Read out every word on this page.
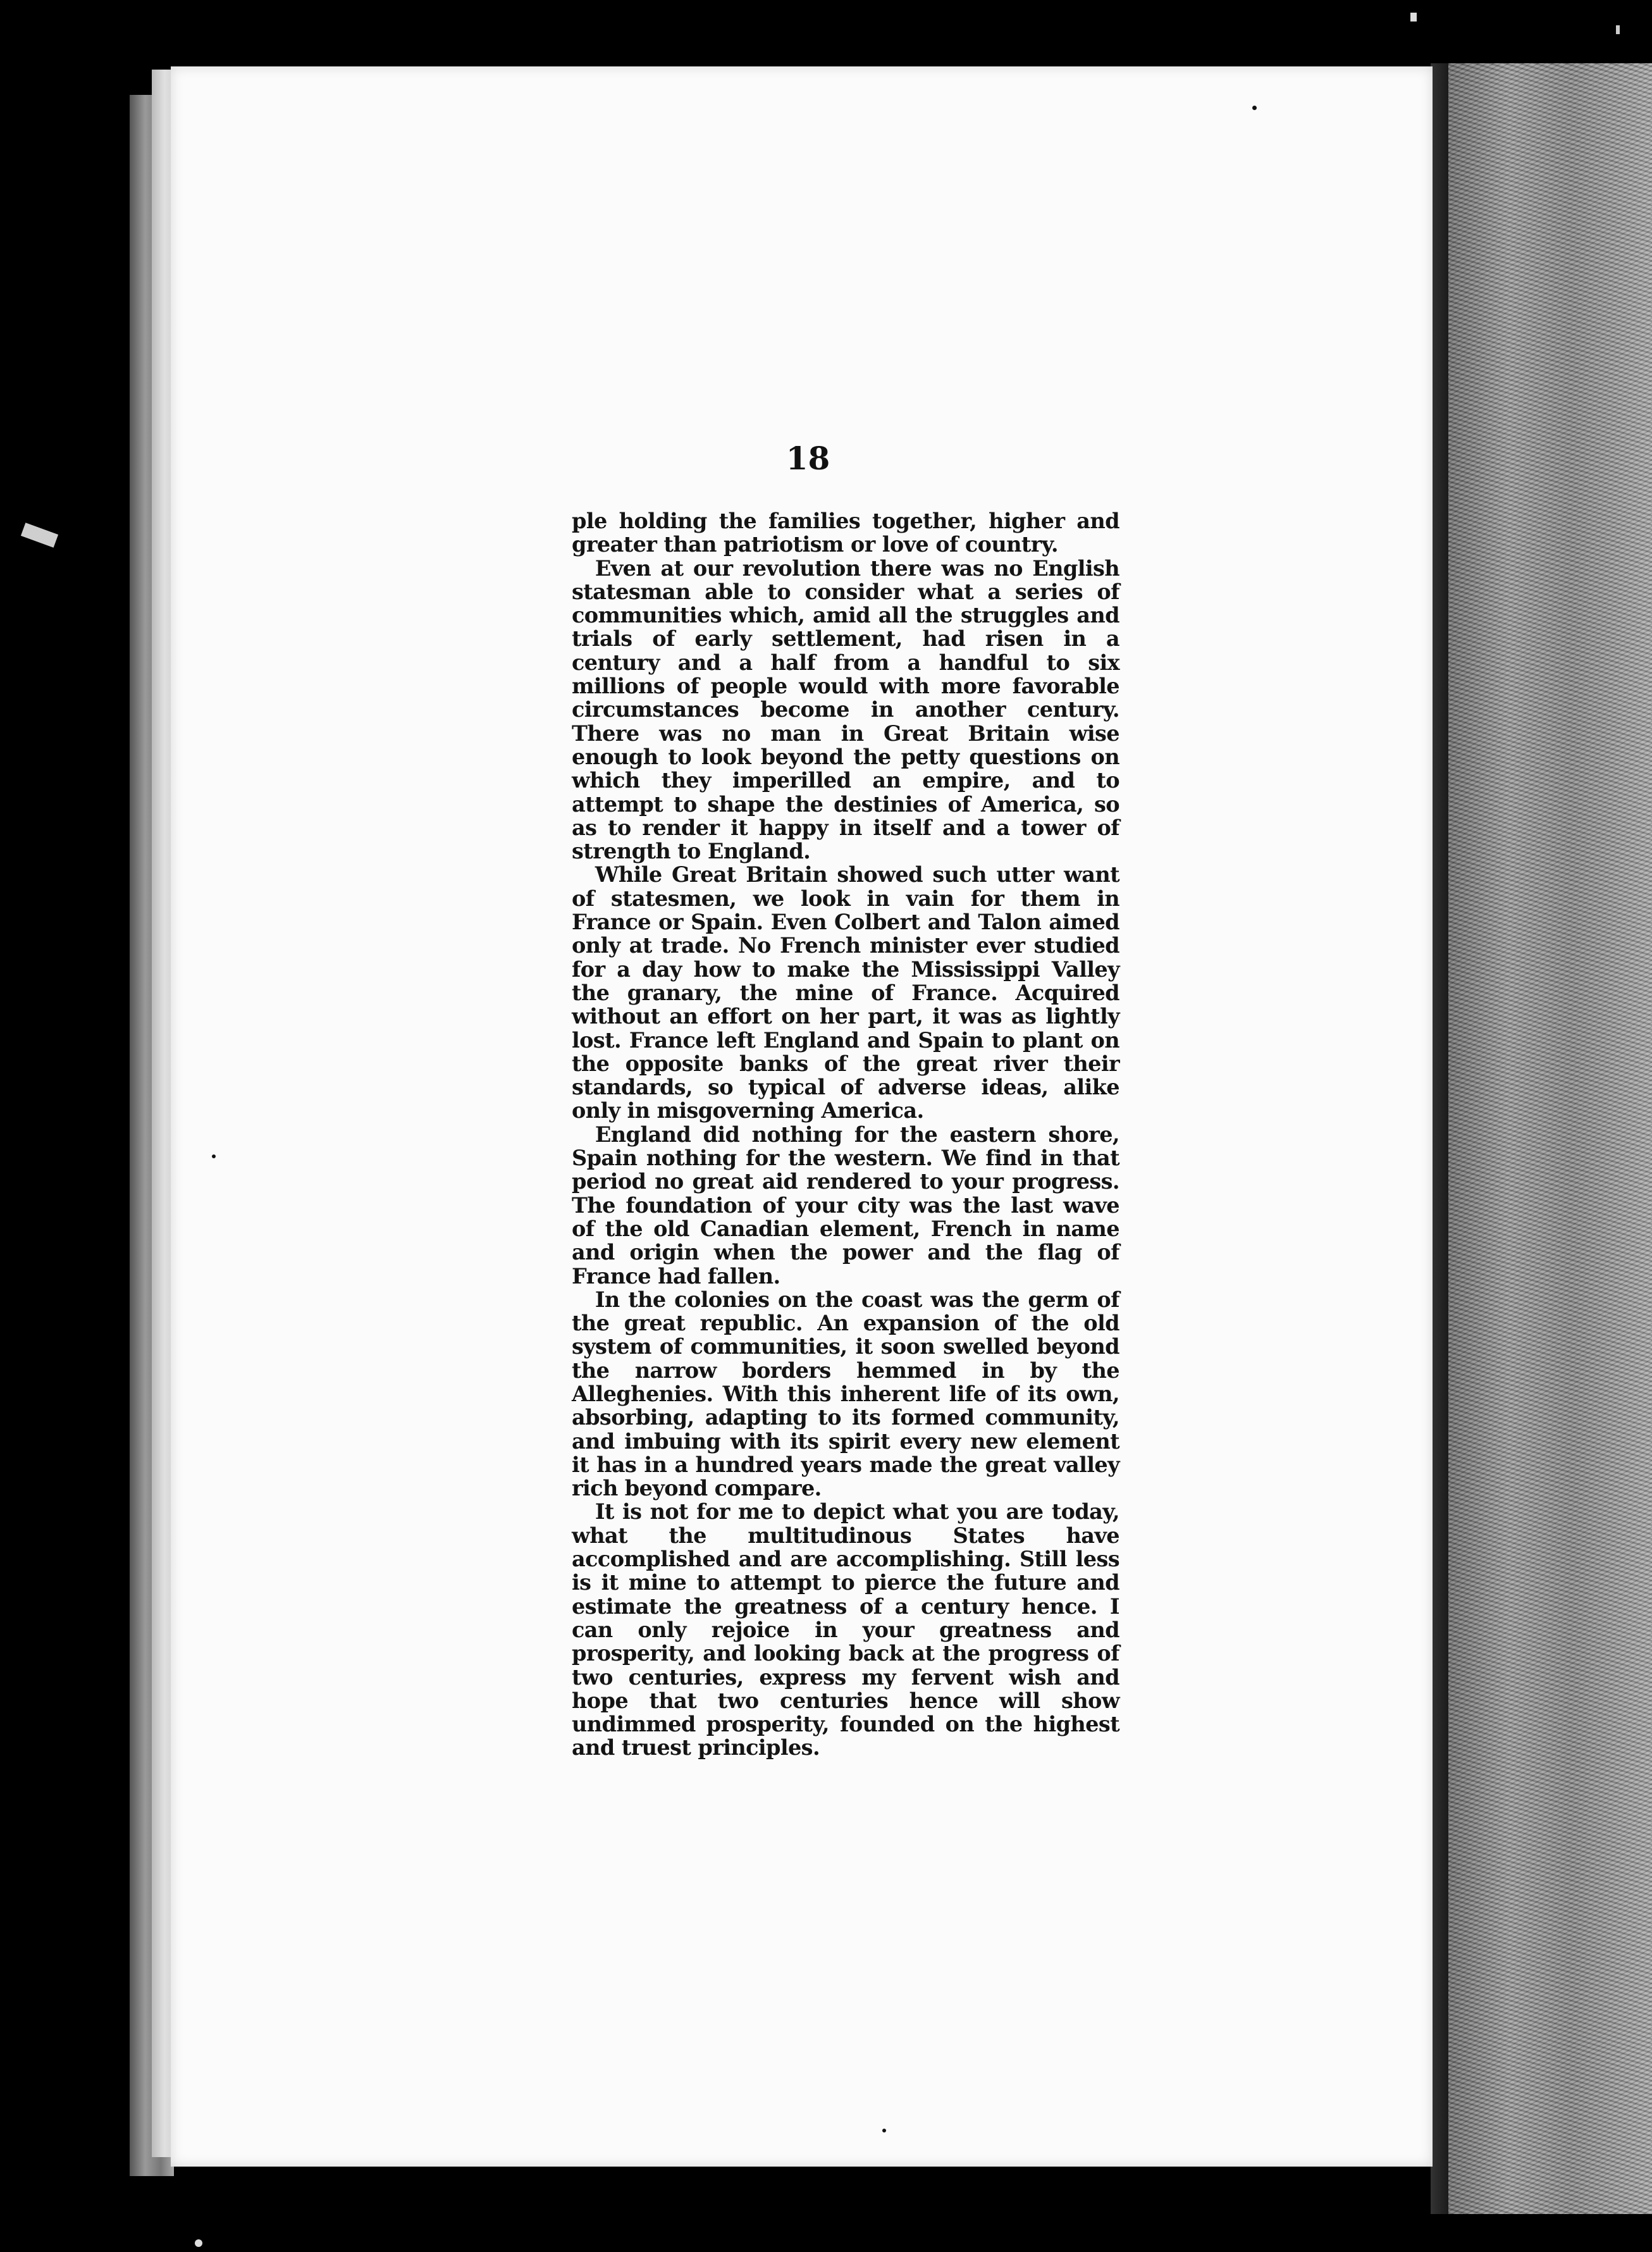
18

ple holding the families together, higher and greater than patriotism or love of country.

Even at our revolution there was no English statesman able to consider what a series of communities which, amid all the struggles and trials of early settlement, had risen in a century and a half from a handful to six millions of people would with more favorable circumstances become in another century. There was no man in Great Britain wise enough to look beyond the petty questions on which they imperilled an empire, and to attempt to shape the destinies of America, so as to render it happy in itself and a tower of strength to England.

While Great Britain showed such utter want of statesmen, we look in vain for them in France or Spain. Even Colbert and Talon aimed only at trade. No French minister ever studied for a day how to make the Mississippi Valley the granary, the mine of France. Acquired without an effort on her part, it was as lightly lost. France left England and Spain to plant on the opposite banks of the great river their standards, so typical of adverse ideas, alike only in misgoverning America.

England did nothing for the eastern shore, Spain nothing for the western. We find in that period no great aid rendered to your progress. The foundation of your city was the last wave of the old Canadian element, French in name and origin when the power and the flag of France had fallen.

In the colonies on the coast was the germ of the great republic. An expansion of the old system of communities, it soon swelled beyond the narrow borders hemmed in by the Alleghenies. With this inherent life of its own, absorbing, adapting to its formed community, and imbuing with its spirit every new element it has in a hundred years made the great valley rich beyond compare.

It is not for me to depict what you are today, what the multitudinous States have accomplished and are accomplishing. Still less is it mine to attempt to pierce the future and estimate the greatness of a century hence. I can only rejoice in your greatness and prosperity, and looking back at the progress of two centuries, express my fervent wish and hope that two centuries hence will show undimmed prosperity, founded on the highest and truest principles.
